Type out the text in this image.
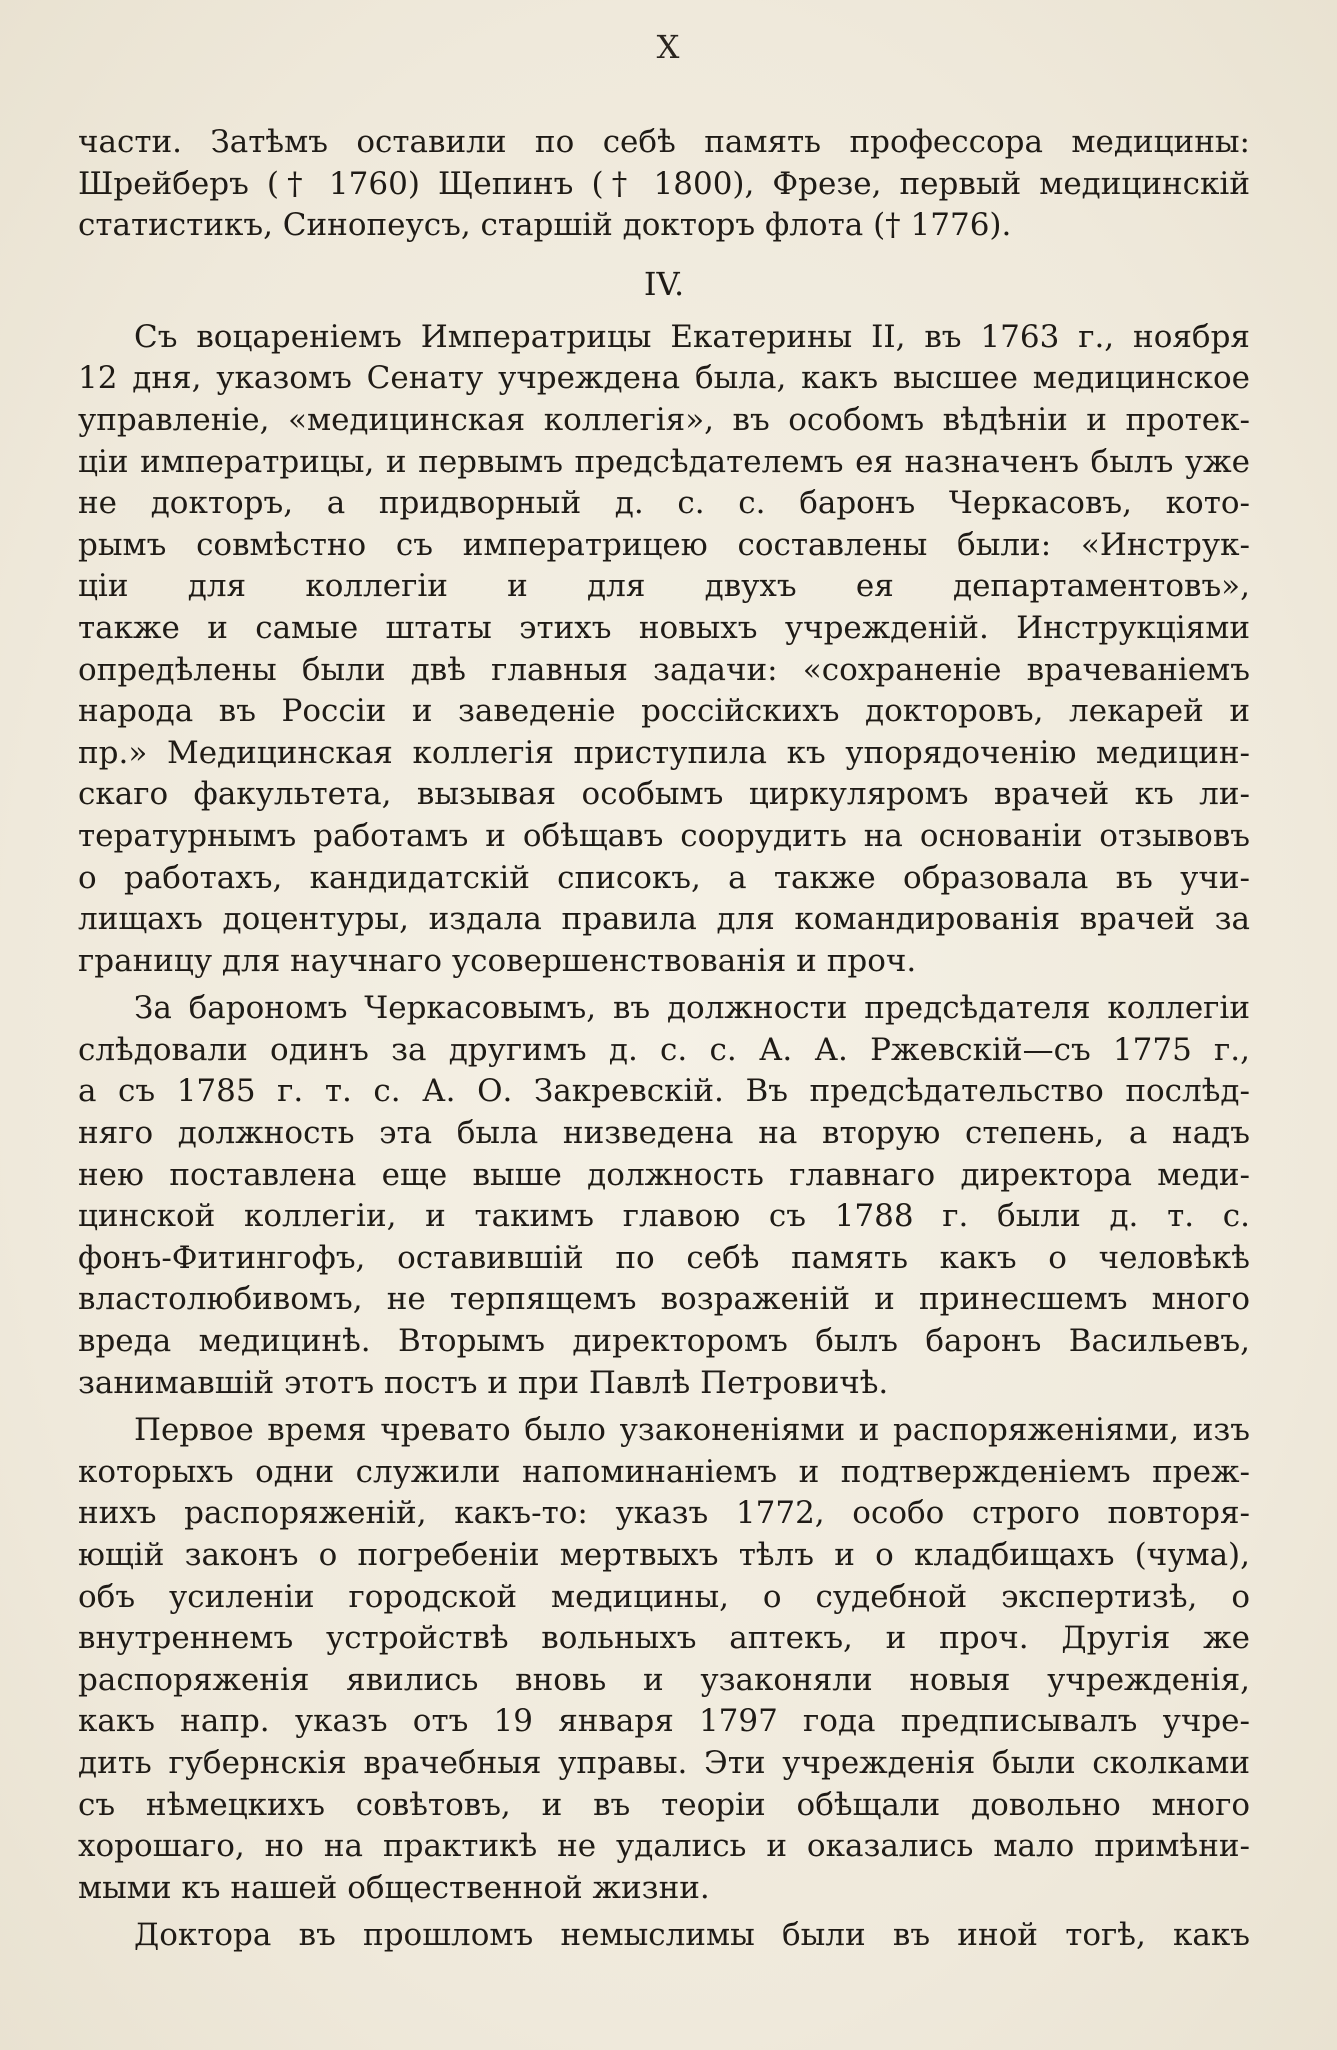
X
части. Затѣмъ оставили по себѣ память профессора медицины:
Шрейберъ († 1760) Щепинъ († 1800), Фрезе, первый медицинскій
статистикъ, Синопеусъ, старшій докторъ флота († 1776).
IV.
Съ воцареніемъ Императрицы Екатерины II, въ 1763 г., ноября
12 дня, указомъ Сенату учреждена была, какъ высшее медицинское
управленіе, «медицинская коллегія», въ особомъ вѣдѣніи и протек-
ціи императрицы, и первымъ предсѣдателемъ ея назначенъ былъ уже
не докторъ, а придворный д. с. с. баронъ Черкасовъ, кото-
рымъ совмѣстно съ императрицею составлены были: «Инструк-
ціи для коллегіи и для двухъ ея департаментовъ»,
также и самые штаты этихъ новыхъ учрежденій. Инструкціями
опредѣлены были двѣ главныя задачи: «сохраненіе врачеваніемъ
народа въ Россіи и заведеніе россійскихъ докторовъ, лекарей и
пр.» Медицинская коллегія приступила къ упорядоченію медицин-
скаго факультета, вызывая особымъ циркуляромъ врачей къ ли-
тературнымъ работамъ и обѣщавъ соорудить на основаніи отзывовъ
о работахъ, кандидатскій списокъ, а также образовала въ учи-
лищахъ доцентуры, издала правила для командированія врачей за
границу для научнаго усовершенствованія и проч.
За барономъ Черкасовымъ, въ должности предсѣдателя коллегіи
слѣдовали одинъ за другимъ д. с. с. А. А. Ржевскій—съ 1775 г.,
а съ 1785 г. т. с. А. О. Закревскій. Въ предсѣдательство послѣд-
няго должность эта была низведена на вторую степень, а надъ
нею поставлена еще выше должность главнаго директора меди-
цинской коллегіи, и такимъ главою съ 1788 г. были д. т. с.
фонъ-Фитингофъ, оставившій по себѣ память какъ о человѣкѣ
властолюбивомъ, не терпящемъ возраженій и принесшемъ много
вреда медицинѣ. Вторымъ директоромъ былъ баронъ Васильевъ,
занимавшій этотъ постъ и при Павлѣ Петровичѣ.
Первое время чревато было узаконеніями и распоряженіями, изъ
которыхъ одни служили напоминаніемъ и подтвержденіемъ преж-
нихъ распоряженій, какъ-то: указъ 1772, особо строго повторя-
ющій законъ о погребеніи мертвыхъ тѣлъ и о кладбищахъ (чума),
объ усиленіи городской медицины, о судебной экспертизѣ, о
внутреннемъ устройствѣ вольныхъ аптекъ, и проч. Другія же
распоряженія явились вновь и узаконяли новыя учрежденія,
какъ напр. указъ отъ 19 января 1797 года предписывалъ учре-
дить губернскія врачебныя управы. Эти учрежденія были сколками
съ нѣмецкихъ совѣтовъ, и въ теоріи обѣщали довольно много
хорошаго, но на практикѣ не удались и оказались мало примѣни-
мыми къ нашей общественной жизни.
Доктора въ прошломъ немыслимы были въ иной тогѣ, какъ
